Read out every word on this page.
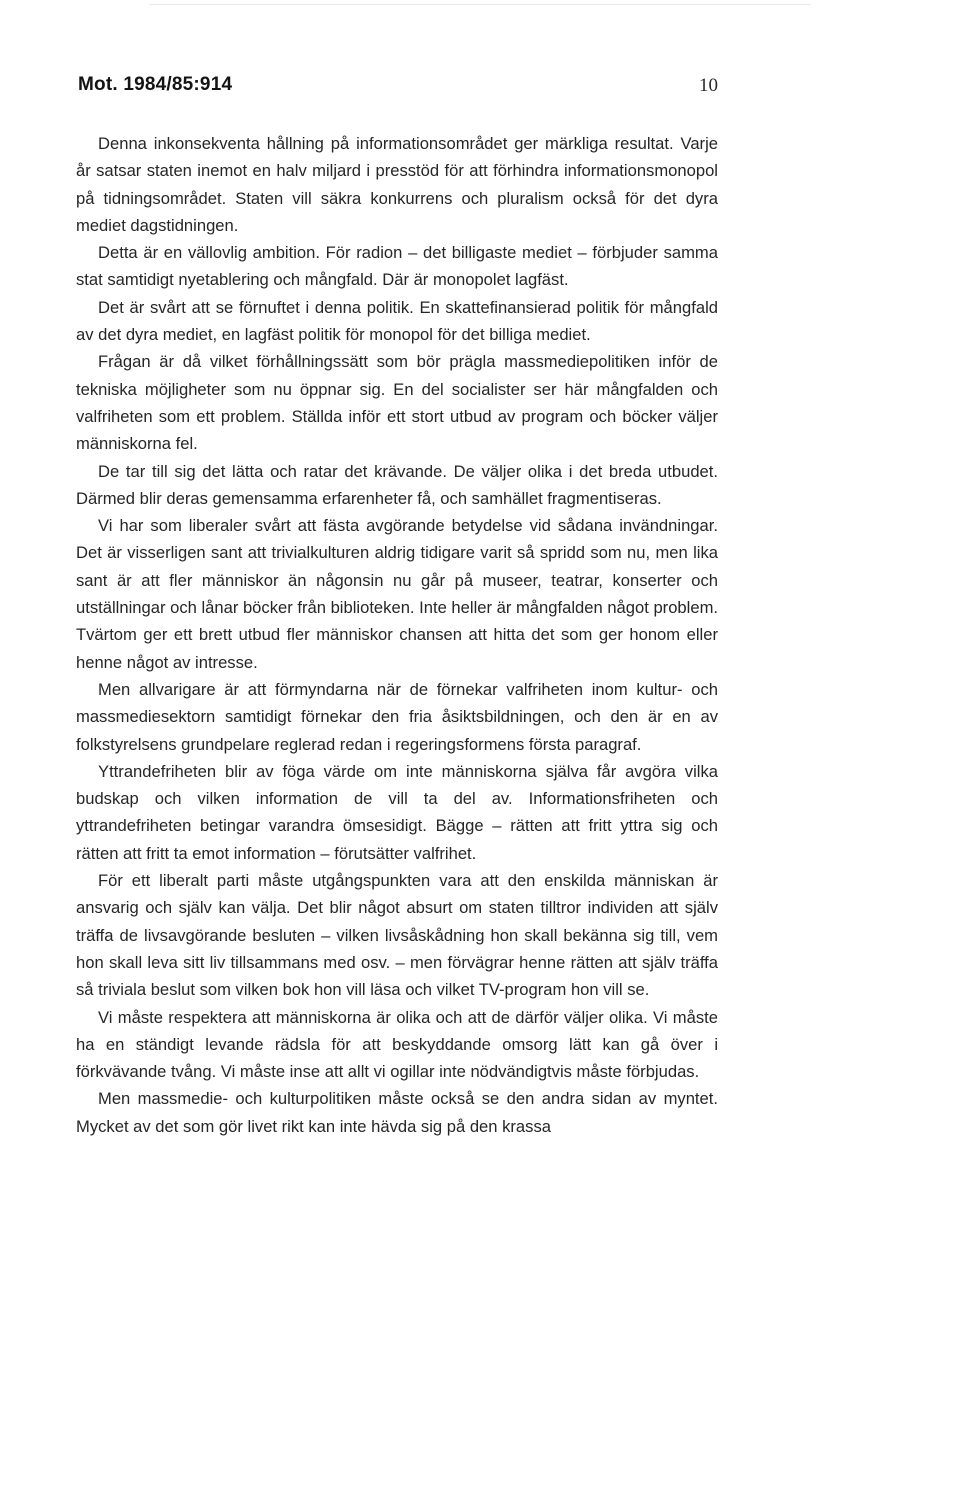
Mot. 1984/85:914	10

Denna inkonsekventa hållning på informationsområdet ger märkliga resultat. Varje år satsar staten inemot en halv miljard i presstöd för att förhindra informationsmonopol på tidningsområdet. Staten vill säkra konkurrens och pluralism också för det dyra mediet dagstidningen.

Detta är en vällovlig ambition. För radion – det billigaste mediet – förbjuder samma stat samtidigt nyetablering och mångfald. Där är monopolet lagfäst.

Det är svårt att se förnuftet i denna politik. En skattefinansierad politik för mångfald av det dyra mediet, en lagfäst politik för monopol för det billiga mediet.

Frågan är då vilket förhållningssätt som bör prägla massmediepolitiken inför de tekniska möjligheter som nu öppnar sig. En del socialister ser här mångfalden och valfriheten som ett problem. Ställda inför ett stort utbud av program och böcker väljer människorna fel.

De tar till sig det lätta och ratar det krävande. De väljer olika i det breda utbudet. Därmed blir deras gemensamma erfarenheter få, och samhället fragmentiseras.

Vi har som liberaler svårt att fästa avgörande betydelse vid sådana invändningar. Det är visserligen sant att trivialkulturen aldrig tidigare varit så spridd som nu, men lika sant är att fler människor än någonsin nu går på museer, teatrar, konserter och utställningar och lånar böcker från biblioteken. Inte heller är mångfalden något problem. Tvärtom ger ett brett utbud fler människor chansen att hitta det som ger honom eller henne något av intresse.

Men allvarigare är att förmyndarna när de förnekar valfriheten inom kultur- och massmediesektorn samtidigt förnekar den fria åsiktsbildningen, och den är en av folkstyrelsens grundpelare reglerad redan i regeringsformens första paragraf.

Yttrandefriheten blir av föga värde om inte människorna själva får avgöra vilka budskap och vilken information de vill ta del av. Informationsfriheten och yttrandefriheten betingar varandra ömsesidigt. Bägge – rätten att fritt yttra sig och rätten att fritt ta emot information – förutsätter valfrihet.

För ett liberalt parti måste utgångspunkten vara att den enskilda människan är ansvarig och själv kan välja. Det blir något absurt om staten tilltror individen att själv träffa de livsavgörande besluten – vilken livsåskådning hon skall bekänna sig till, vem hon skall leva sitt liv tillsammans med osv. – men förvägrar henne rätten att själv träffa så triviala beslut som vilken bok hon vill läsa och vilket TV-program hon vill se.

Vi måste respektera att människorna är olika och att de därför väljer olika. Vi måste ha en ständigt levande rädsla för att beskyddande omsorg lätt kan gå över i förkvävande tvång. Vi måste inse att allt vi ogillar inte nödvändigtvis måste förbjudas.

Men massmedie- och kulturpolitiken måste också se den andra sidan av myntet. Mycket av det som gör livet rikt kan inte hävda sig på den krassa
